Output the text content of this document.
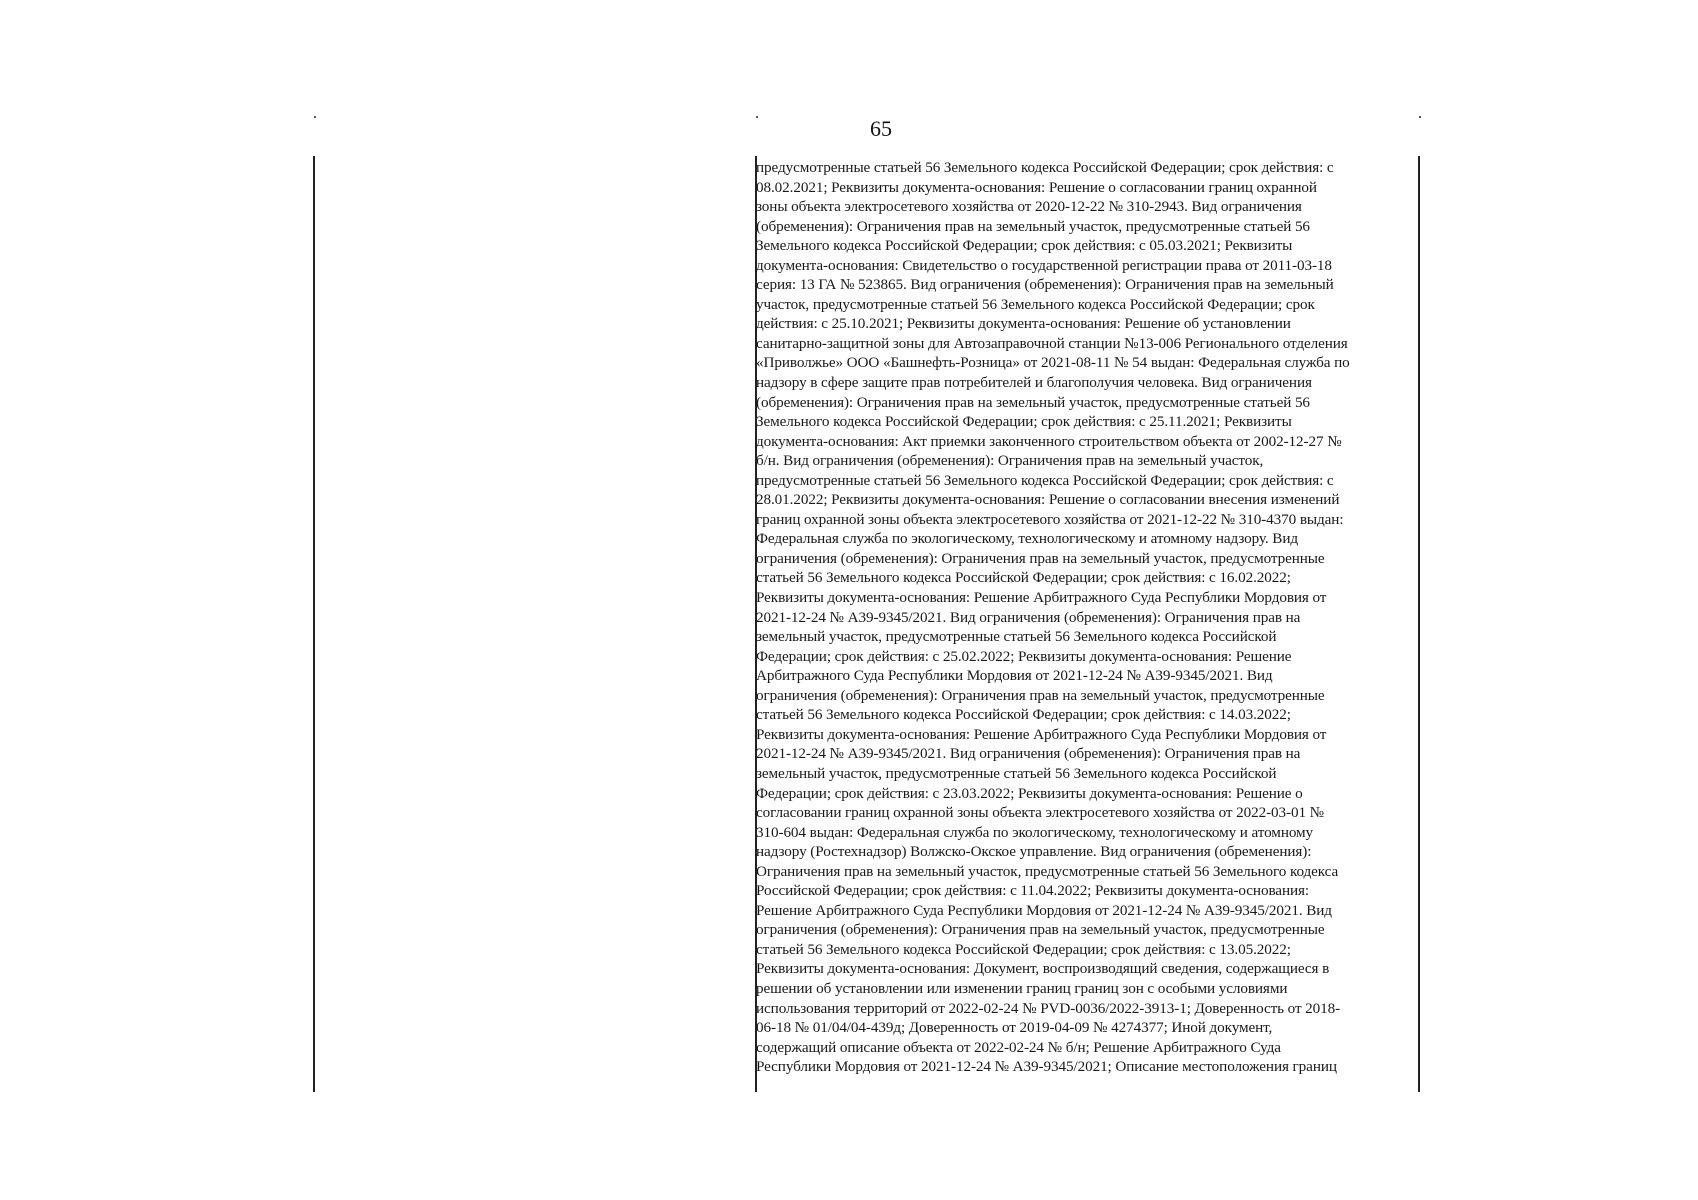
65
предусмотренные статьей 56 Земельного кодекса Российской Федерации; срок действия: с
08.02.2021; Реквизиты документа-основания: Решение о согласовании границ охранной
зоны объекта электросетевого хозяйства от 2020-12-22 № 310-2943. Вид ограничения
(обременения): Ограничения прав на земельный участок, предусмотренные статьей 56
Земельного кодекса Российской Федерации; срок действия: с 05.03.2021; Реквизиты
документа-основания: Свидетельство о государственной регистрации права от 2011-03-18
серия: 13 ГА № 523865. Вид ограничения (обременения): Ограничения прав на земельный
участок, предусмотренные статьей 56 Земельного кодекса Российской Федерации; срок
действия: с 25.10.2021; Реквизиты документа-основания: Решение об установлении
санитарно-защитной зоны для Автозаправочной станции №13-006 Регионального отделения
«Приволжье» ООО «Башнефть-Розница» от 2021-08-11 № 54 выдан: Федеральная служба по
надзору в сфере защите прав потребителей и благополучия человека. Вид ограничения
(обременения): Ограничения прав на земельный участок, предусмотренные статьей 56
Земельного кодекса Российской Федерации; срок действия: с 25.11.2021; Реквизиты
документа-основания: Акт приемки законченного строительством объекта от 2002-12-27 №
б/н. Вид ограничения (обременения): Ограничения прав на земельный участок,
предусмотренные статьей 56 Земельного кодекса Российской Федерации; срок действия: с
28.01.2022; Реквизиты документа-основания: Решение о согласовании внесения изменений
границ охранной зоны объекта электросетевого хозяйства от 2021-12-22 № 310-4370 выдан:
Федеральная служба по экологическому, технологическому и атомному надзору. Вид
ограничения (обременения): Ограничения прав на земельный участок, предусмотренные
статьей 56 Земельного кодекса Российской Федерации; срок действия: с 16.02.2022;
Реквизиты документа-основания: Решение Арбитражного Суда Республики Мордовия от
2021-12-24 № А39-9345/2021. Вид ограничения (обременения): Ограничения прав на
земельный участок, предусмотренные статьей 56 Земельного кодекса Российской
Федерации; срок действия: с 25.02.2022; Реквизиты документа-основания: Решение
Арбитражного Суда Республики Мордовия от 2021-12-24 № А39-9345/2021. Вид
ограничения (обременения): Ограничения прав на земельный участок, предусмотренные
статьей 56 Земельного кодекса Российской Федерации; срок действия: с 14.03.2022;
Реквизиты документа-основания: Решение Арбитражного Суда Республики Мордовия от
2021-12-24 № А39-9345/2021. Вид ограничения (обременения): Ограничения прав на
земельный участок, предусмотренные статьей 56 Земельного кодекса Российской
Федерации; срок действия: с 23.03.2022; Реквизиты документа-основания: Решение о
согласовании границ охранной зоны объекта электросетевого хозяйства от 2022-03-01 №
310-604 выдан: Федеральная служба по экологическому, технологическому и атомному
надзору (Ростехнадзор) Волжско-Окское управление. Вид ограничения (обременения):
Ограничения прав на земельный участок, предусмотренные статьей 56 Земельного кодекса
Российской Федерации; срок действия: с 11.04.2022; Реквизиты документа-основания:
Решение Арбитражного Суда Республики Мордовия от 2021-12-24 № А39-9345/2021. Вид
ограничения (обременения): Ограничения прав на земельный участок, предусмотренные
статьей 56 Земельного кодекса Российской Федерации; срок действия: с 13.05.2022;
Реквизиты документа-основания: Документ, воспроизводящий сведения, содержащиеся в
решении об установлении или изменении границ границ зон с особыми условиями
использования территорий от 2022-02-24 № PVD-0036/2022-3913-1; Доверенность от 2018-
06-18 № 01/04/04-439д; Доверенность от 2019-04-09 № 4274377; Иной документ,
содержащий описание объекта от 2022-02-24 № б/н; Решение Арбитражного Суда
Республики Мордовия от 2021-12-24 № А39-9345/2021; Описание местоположения границ
